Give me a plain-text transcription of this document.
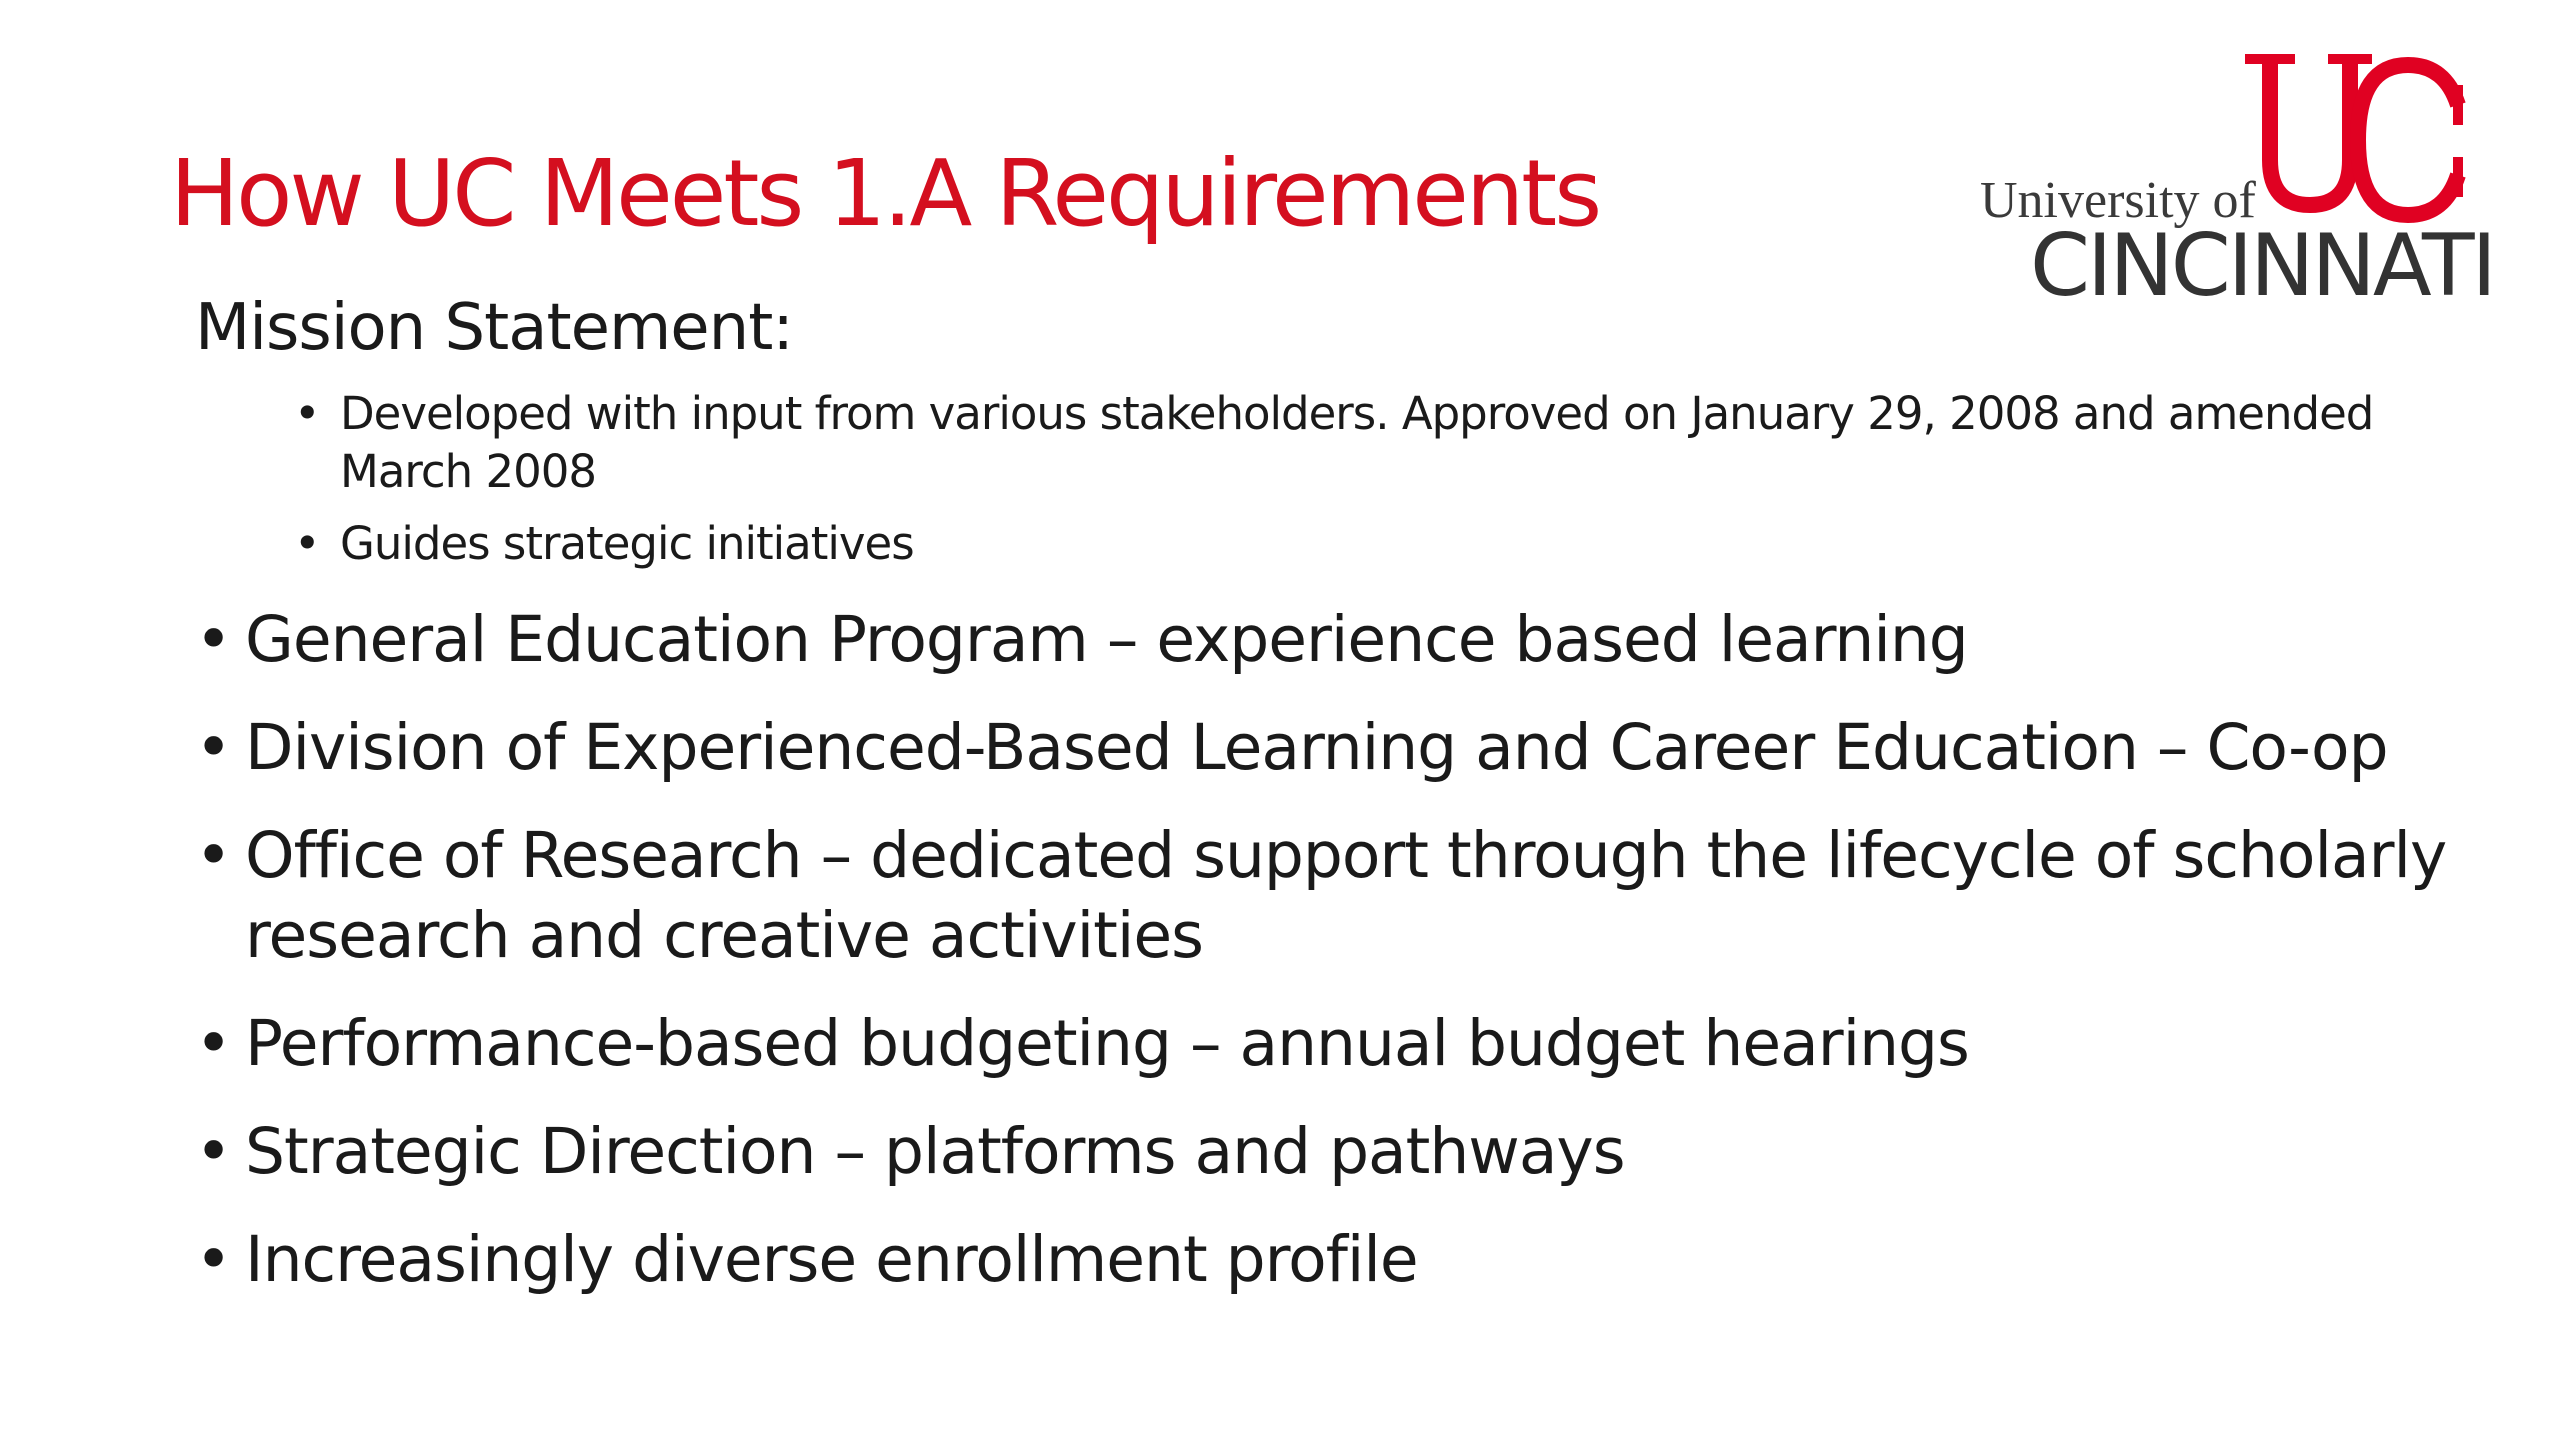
How UC Meets 1.A Requirements	University of
CINCINNATI
Mission Statement:
• Developed with input from various stakeholders. Approved on January 29, 2008 and amended March 2008
• Guides strategic initiatives
• General Education Program – experience based learning
• Division of Experienced-Based Learning and Career Education – Co-op
• Office of Research – dedicated support through the lifecycle of scholarly research and creative activities
• Performance-based budgeting – annual budget hearings
• Strategic Direction – platforms and pathways
• Increasingly diverse enrollment profile
